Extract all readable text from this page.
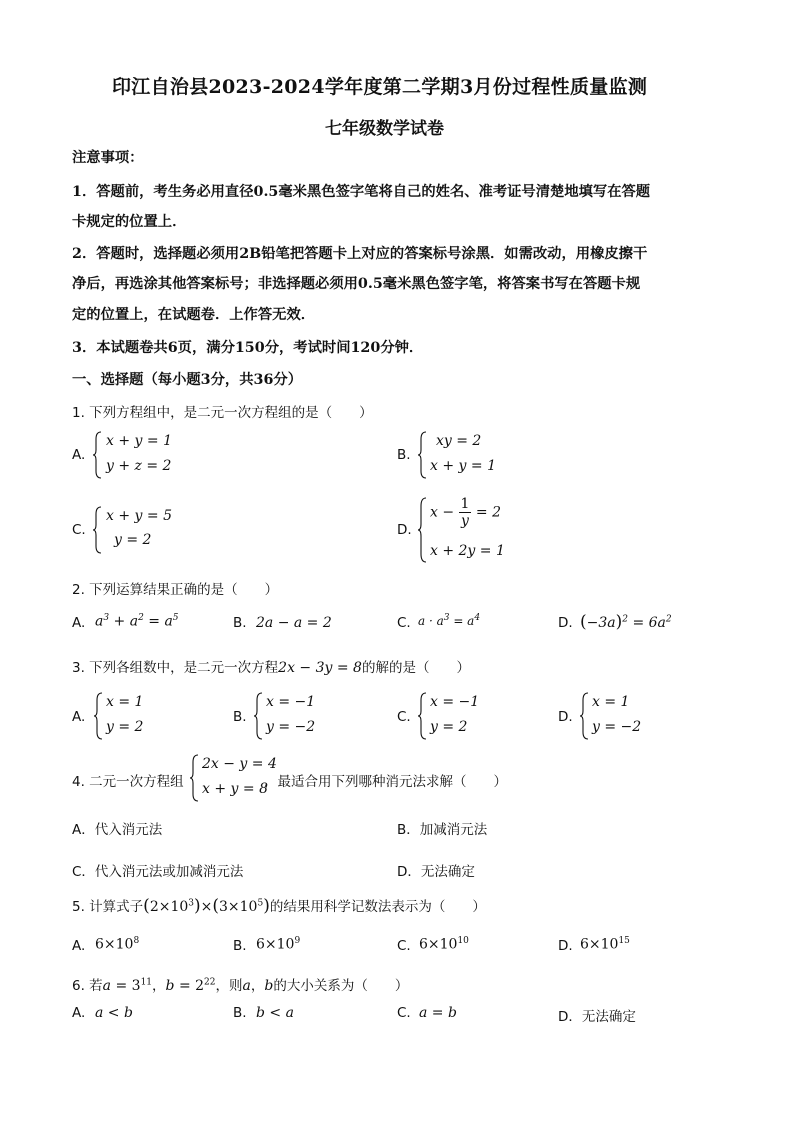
印江自治县2023-2024学年度第二学期3月份过程性质量监测
七年级数学试卷
注意事项：
1．答题前，考生务必用直径0.5毫米黑色签字笔将自己的姓名、准考证号清楚地填写在答题
卡规定的位置上．
2．答题时，选择题必须用2B铅笔把答题卡上对应的答案标号涂黑．如需改动，用橡皮擦干
净后，再选涂其他答案标号；非选择题必须用0.5毫米黑色签字笔，将答案书写在答题卡规
定的位置上，在试题卷．上作答无效．
3．本试题卷共6页，满分150分，考试时间120分钟．
一、选择题（每小题3分，共36分）
1. 下列方程组中，是二元一次方程组的是（　　）
A.
x + y = 1
y + z = 2
B.
xy = 2
x + y = 1
C.
x + y = 5
y = 2
D.
$x - \frac{1}{y} = 2$
x + 2y = 1
2. 下列运算结果正确的是（　　）
A. $a^3 + a^2 = a^5$	B. 2a − a = 2	C. $a \cdot a^3 = a^4$	D. $(-3a)^2 = 6a^2$
3. 下列各组数中，是二元一次方程2x − 3y = 8的解的是（　　）
A.
x = 1
y = 2
B.
x = −1
y = −2
C.
x = −1
y = 2
D.
x = 1
y = −2
4. 二元一次方程组
2x − y = 4
x + y = 8
，最适合用下列哪种消元法求解（　　）
A．代入消元法	B．加减消元法
C．代入消元法或加减消元法	D．无法确定
5. 计算式子$(2\times 10^3)\times(3\times 10^5)$的结果用科学记数法表示为（　　）
A. $6\times 10^8$	B. $6\times 10^9$	C. $6\times 10^{10}$	D. $6\times 10^{15}$
6. 若$a = 3^{11}$，$b = 2^{22}$，则a，b的大小关系为（　　）
A. a < b	B. b < a	C. a = b	D．无法确定
